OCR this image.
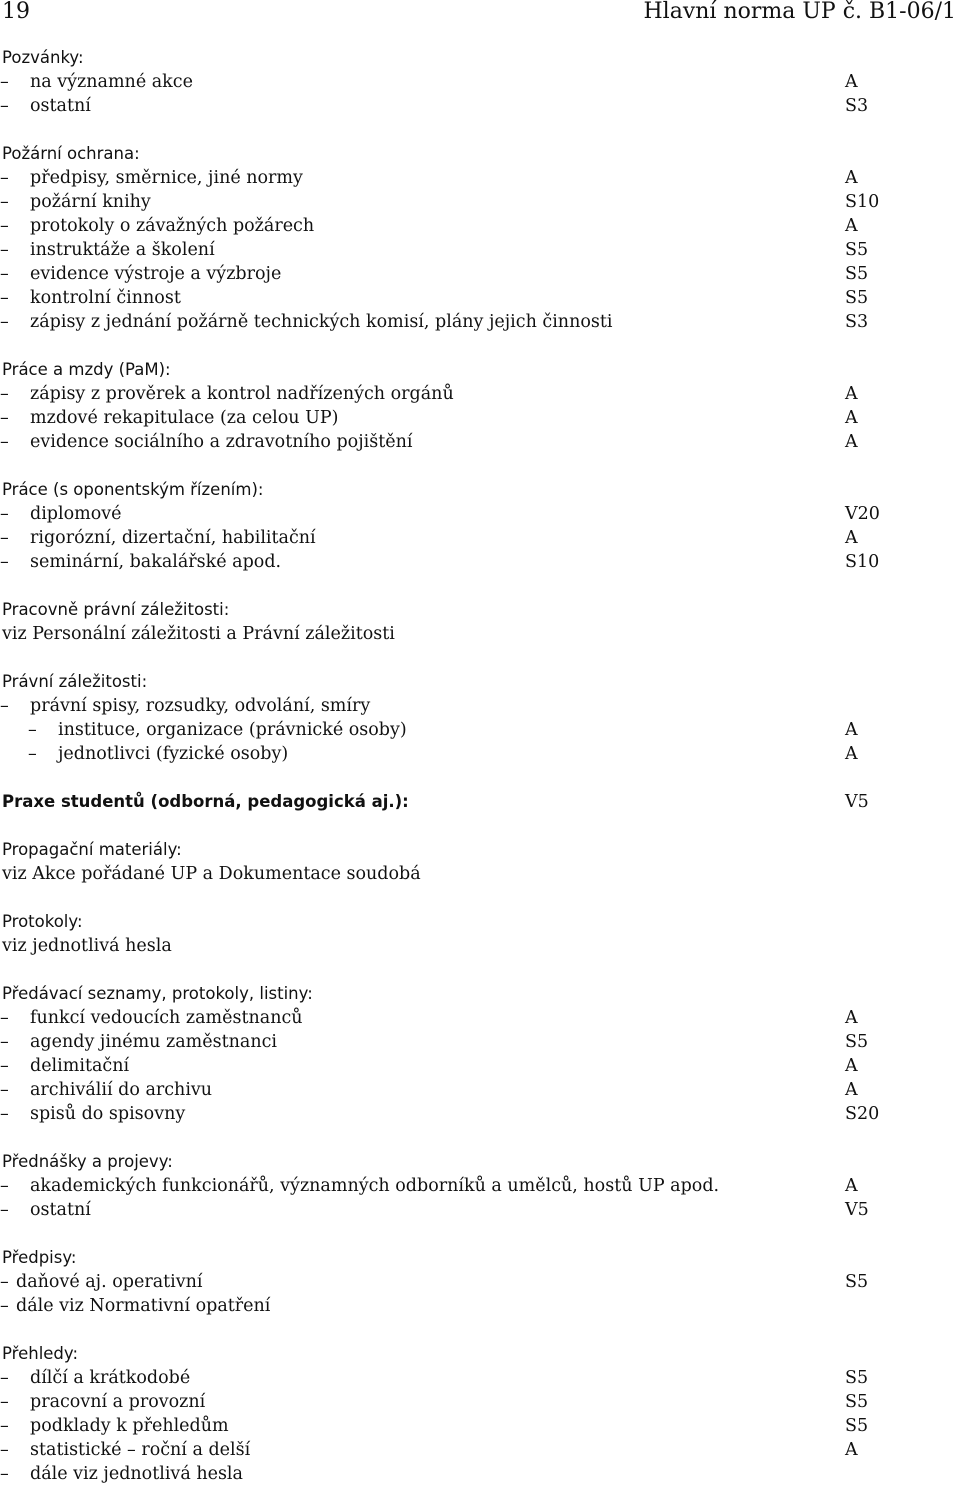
19	Hlavní norma UP č. B1-06/1
Pozvánky:
– na významné akce	A
– ostatní	S3
Požární ochrana:
– předpisy, směrnice, jiné normy	A
– požární knihy	S10
– protokoly o závažných požárech	A
– instruktáže a školení	S5
– evidence výstroje a výzbroje	S5
– kontrolní činnost	S5
– zápisy z jednání požárně technických komisí, plány jejich činnosti	S3
Práce a mzdy (PaM):
– zápisy z prověrek a kontrol nadřízených orgánů	A
– mzdové rekapitulace (za celou UP)	A
– evidence sociálního a zdravotního pojištění	A
Práce (s oponentským řízením):
– diplomové	V20
– rigorózní, dizertační, habilitační	A
– seminární, bakalářské apod.	S10
Pracovně právní záležitosti:
viz Personální záležitosti a Právní záležitosti
Právní záležitosti:
– právní spisy, rozsudky, odvolání, smíry
– instituce, organizace (právnické osoby)	A
– jednotlivci (fyzické osoby)	A
Praxe studentů (odborná, pedagogická aj.):	V5
Propagační materiály:
viz Akce pořádané UP a Dokumentace soudobá
Protokoly:
viz jednotlivá hesla
Předávací seznamy, protokoly, listiny:
– funkcí vedoucích zaměstnanců	A
– agendy jinému zaměstnanci	S5
– delimitační	A
– archiválií do archivu	A
– spisů do spisovny	S20
Přednášky a projevy:
– akademických funkcionářů, významných odborníků a umělců, hostů UP apod.	A
– ostatní	V5
Předpisy:
– daňové aj. operativní	S5
– dále viz Normativní opatření
Přehledy:
– dílčí a krátkodobé	S5
– pracovní a provozní	S5
– podklady k přehledům	S5
– statistické – roční a delší	A
– dále viz jednotlivá hesla
